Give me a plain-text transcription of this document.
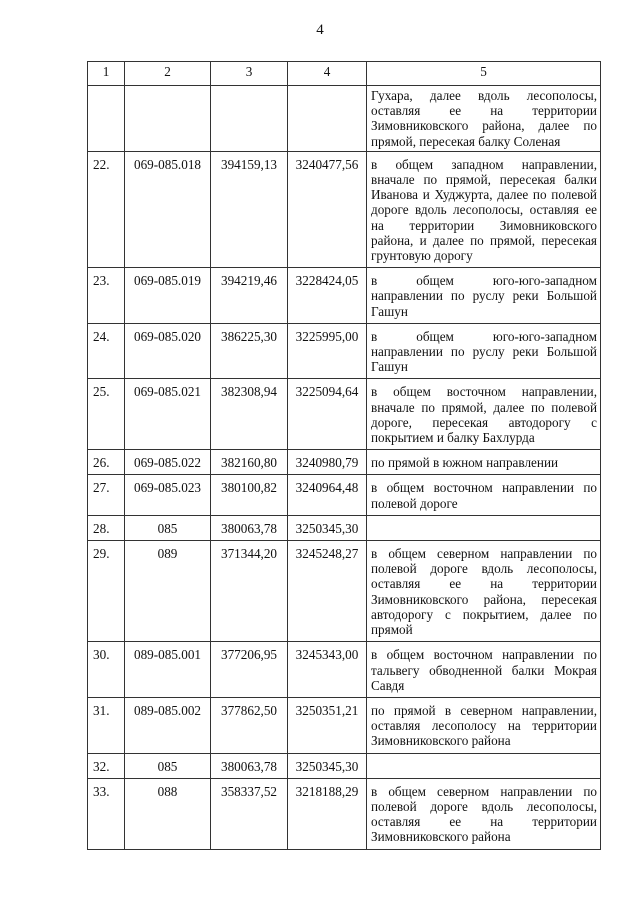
4
1	2	3	4	5
				Гухара, далее вдоль лесополосы, оставляя ее на территории Зимовниковского района, далее по прямой, пересекая балку Соленая
22.	069-085.018	394159,13	3240477,56	в общем западном направлении, вначале по прямой, пересекая балки Иванова и Худжурта, далее по полевой дороге вдоль лесополосы, оставляя ее на территории Зимовниковского района, и далее по прямой, пересекая грунтовую дорогу
23.	069-085.019	394219,46	3228424,05	в общем юго-юго-западном направлении по руслу реки Большой Гашун
24.	069-085.020	386225,30	3225995,00	в общем юго-юго-западном направлении по руслу реки Большой Гашун
25.	069-085.021	382308,94	3225094,64	в общем восточном направлении, вначале по прямой, далее по полевой дороге, пересекая автодорогу с покрытием и балку Бахлурда
26.	069-085.022	382160,80	3240980,79	по прямой в южном направлении
27.	069-085.023	380100,82	3240964,48	в общем восточном направлении по полевой дороге
28.	085	380063,78	3250345,30	
29.	089	371344,20	3245248,27	в общем северном направлении по полевой дороге вдоль лесополосы, оставляя ее на территории Зимовниковского района, пересекая автодорогу с покрытием, далее по прямой
30.	089-085.001	377206,95	3245343,00	в общем восточном направлении по тальвегу обводненной балки Мокрая Савдя
31.	089-085.002	377862,50	3250351,21	по прямой в северном направлении, оставляя лесополосу на территории Зимовниковского района
32.	085	380063,78	3250345,30	
33.	088	358337,52	3218188,29	в общем северном направлении по полевой дороге вдоль лесополосы, оставляя ее на территории Зимовниковского района
